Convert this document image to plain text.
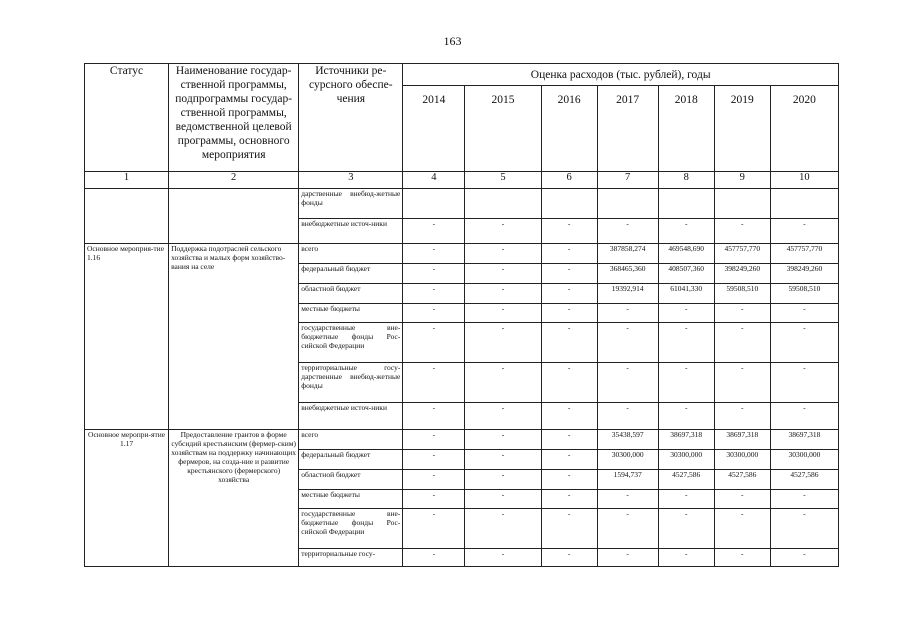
163
Статус	Наименование государ-ственной программы, подпрограммы государ-ственной программы, ведомственной целевой программы, основного мероприятия	Источники ре-сурсного обеспе-чения	Оценка расходов (тыс. рублей), годы						
			2014	2015	2016	2017	2018	2019	2020
1	2	3	4	5	6	7	8	9	10
		дарственные внебюд-жетные фонды							
		внебюджетные источ-ники	-	-	-	-	-	-	-
Основное мероприя-тие 1.16	Поддержка подотраслей сельского хозяйства и малых форм хозяйство-вания на селе	всего	-	-	-	387858,274	469548,690	457757,770	457757,770
		федеральный бюджет	-	-	-	368465,360	408507,360	398249,260	398249,260
		областной бюджет	-	-	-	19392,914	61041,330	59508,510	59508,510
		местные бюджеты	-	-	-	-	-	-	-
		государственные вне-бюджетные фонды Рос-сийской Федерации	-	-	-	-	-	-	-
		территориальные госу-дарственные внебюд-жетные фонды	-	-	-	-	-	-	-
		внебюджетные источ-ники	-	-	-	-	-	-	-
Основное меропри-ятие 1.17	Предоставление грантов в форме субсидий крестьянским (фермер-ским) хозяйствам на поддержку начинающих фермеров, на созда-ние и развитие крестьянского (фермерского) хозяйства	всего	-	-	-	35438,597	38697,318	38697,318	38697,318
		федеральный бюджет	-	-	-	30300,000	30300,000	30300,000	30300,000
		областной бюджет	-	-	-	1594,737	4527,586	4527,586	4527,586
		местные бюджеты	-	-	-	-	-	-	-
		государственные вне-бюджетные фонды Рос-сийской Федерации	-	-	-	-	-	-	-
		территориальные госу-	-	-	-	-	-	-	-
